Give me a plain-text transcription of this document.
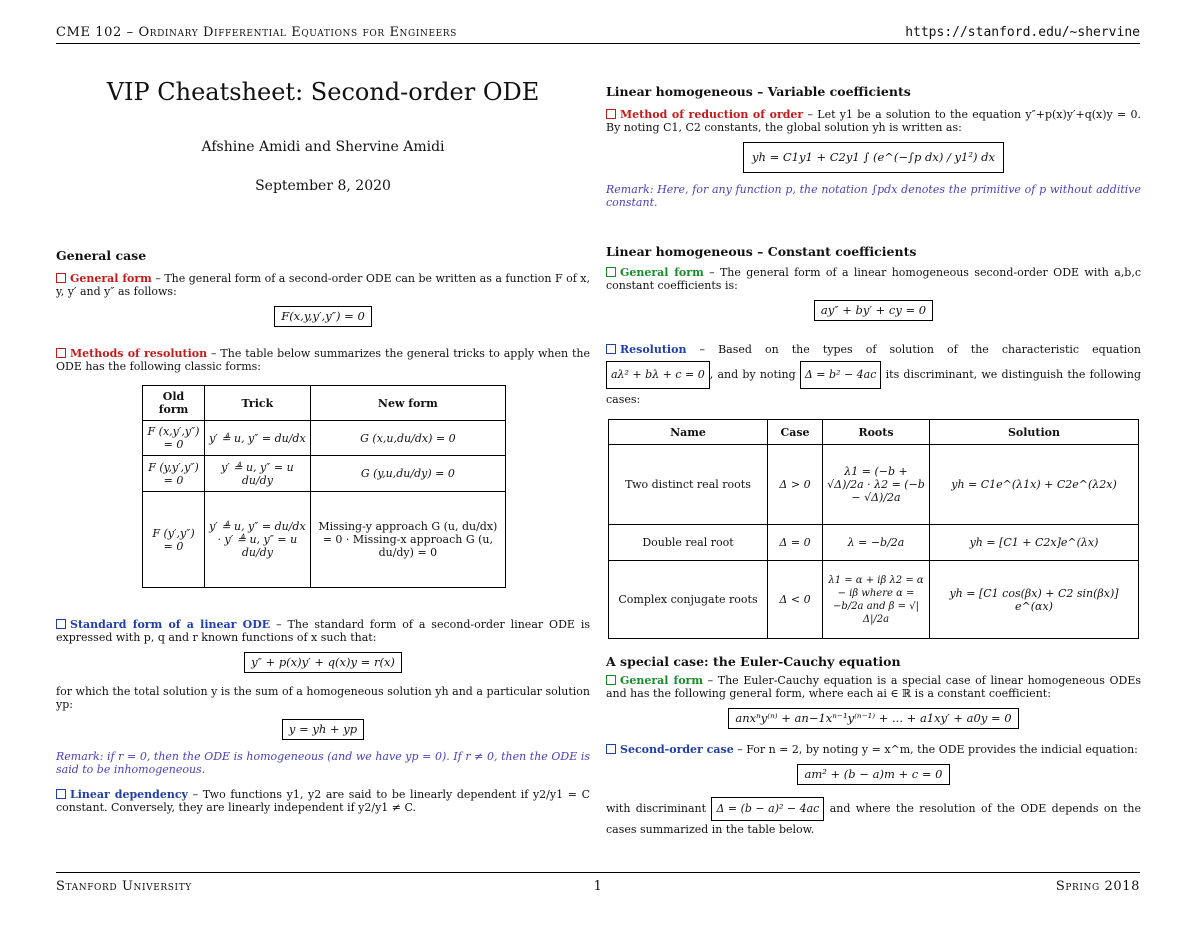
CME 102 – Ordinary Differential Equations for Engineers	https://stanford.edu/~shervine
VIP Cheatsheet: Second-order ODE
Afshine Amidi and Shervine Amidi
September 8, 2020
General case

General form – The general form of a second-order ODE can be written as a function F of x, y, y′ and y″ as follows:

F(x,y,y′,y″) = 0

Methods of resolution – The table below summarizes the general tricks to apply when the ODE has the following classic forms:

Old form	Trick	New form
F (x,y′,y″) = 0	y′ ≜ u, y″ = du/dx	G (x,u,du/dx) = 0
F (y,y′,y″) = 0	y′ ≜ u, y″ = u du/dy	G (y,u,du/dy) = 0
F (y′,y″) = 0	y′ ≜ u, y″ = du/dx · y′ ≜ u, y″ = u du/dy	Missing-y approach G (u, du/dx) = 0 · Missing-x approach G (u, du/dy) = 0

Standard form of a linear ODE – The standard form of a second-order linear ODE is expressed with p, q and r known functions of x such that:

y″ + p(x)y′ + q(x)y = r(x)

for which the total solution y is the sum of a homogeneous solution yh and a particular solution yp:

y = yh + yp

Remark: if r = 0, then the ODE is homogeneous (and we have yp = 0). If r ≠ 0, then the ODE is said to be inhomogeneous.

Linear dependency – Two functions y1, y2 are said to be linearly dependent if y2/y1 = C constant. Conversely, they are linearly independent if y2/y1 ≠ C.

Linear homogeneous – Variable coefficients

Method of reduction of order – Let y1 be a solution to the equation y″+p(x)y′+q(x)y = 0. By noting C1, C2 constants, the global solution yh is written as:

yh = C1y1 + C2y1 ∫ (e^(−∫p dx) / y1²) dx

Remark: Here, for any function p, the notation ∫pdx denotes the primitive of p without additive constant.

Linear homogeneous – Constant coefficients

General form – The general form of a linear homogeneous second-order ODE with a,b,c constant coefficients is:

ay″ + by′ + cy = 0

Resolution – Based on the types of solution of the characteristic equation aλ² + bλ + c = 0 , and by noting Δ = b² − 4ac its discriminant, we distinguish the following cases:

Name	Case	Roots	Solution
Two distinct real roots	Δ > 0	λ1 = (−b + √Δ)/2a · λ2 = (−b − √Δ)/2a	yh = C1e^(λ1x) + C2e^(λ2x)
Double real root	Δ = 0	λ = −b/2a	yh = [C1 + C2x]e^(λx)
Complex conjugate roots	Δ < 0	λ1 = α + iβ λ2 = α − iβ where α = −b/2a and β = √|Δ|/2a	yh = [C1 cos(βx) + C2 sin(βx)] e^(αx)
A special case: the Euler-Cauchy equation

General form – The Euler-Cauchy equation is a special case of linear homogeneous ODEs and has the following general form, where each ai ∈ ℝ is a constant coefficient:

anxⁿy⁽ⁿ⁾ + an−1xⁿ⁻¹y⁽ⁿ⁻¹⁾ + ... + a1xy′ + a0y = 0

Second-order case – For n = 2, by noting y = x^m, the ODE provides the indicial equation:

am² + (b − a)m + c = 0

with discriminant Δ = (b − a)² − 4ac and where the resolution of the ODE depends on the cases summarized in the table below.

Stanford University	1	Spring 2018
